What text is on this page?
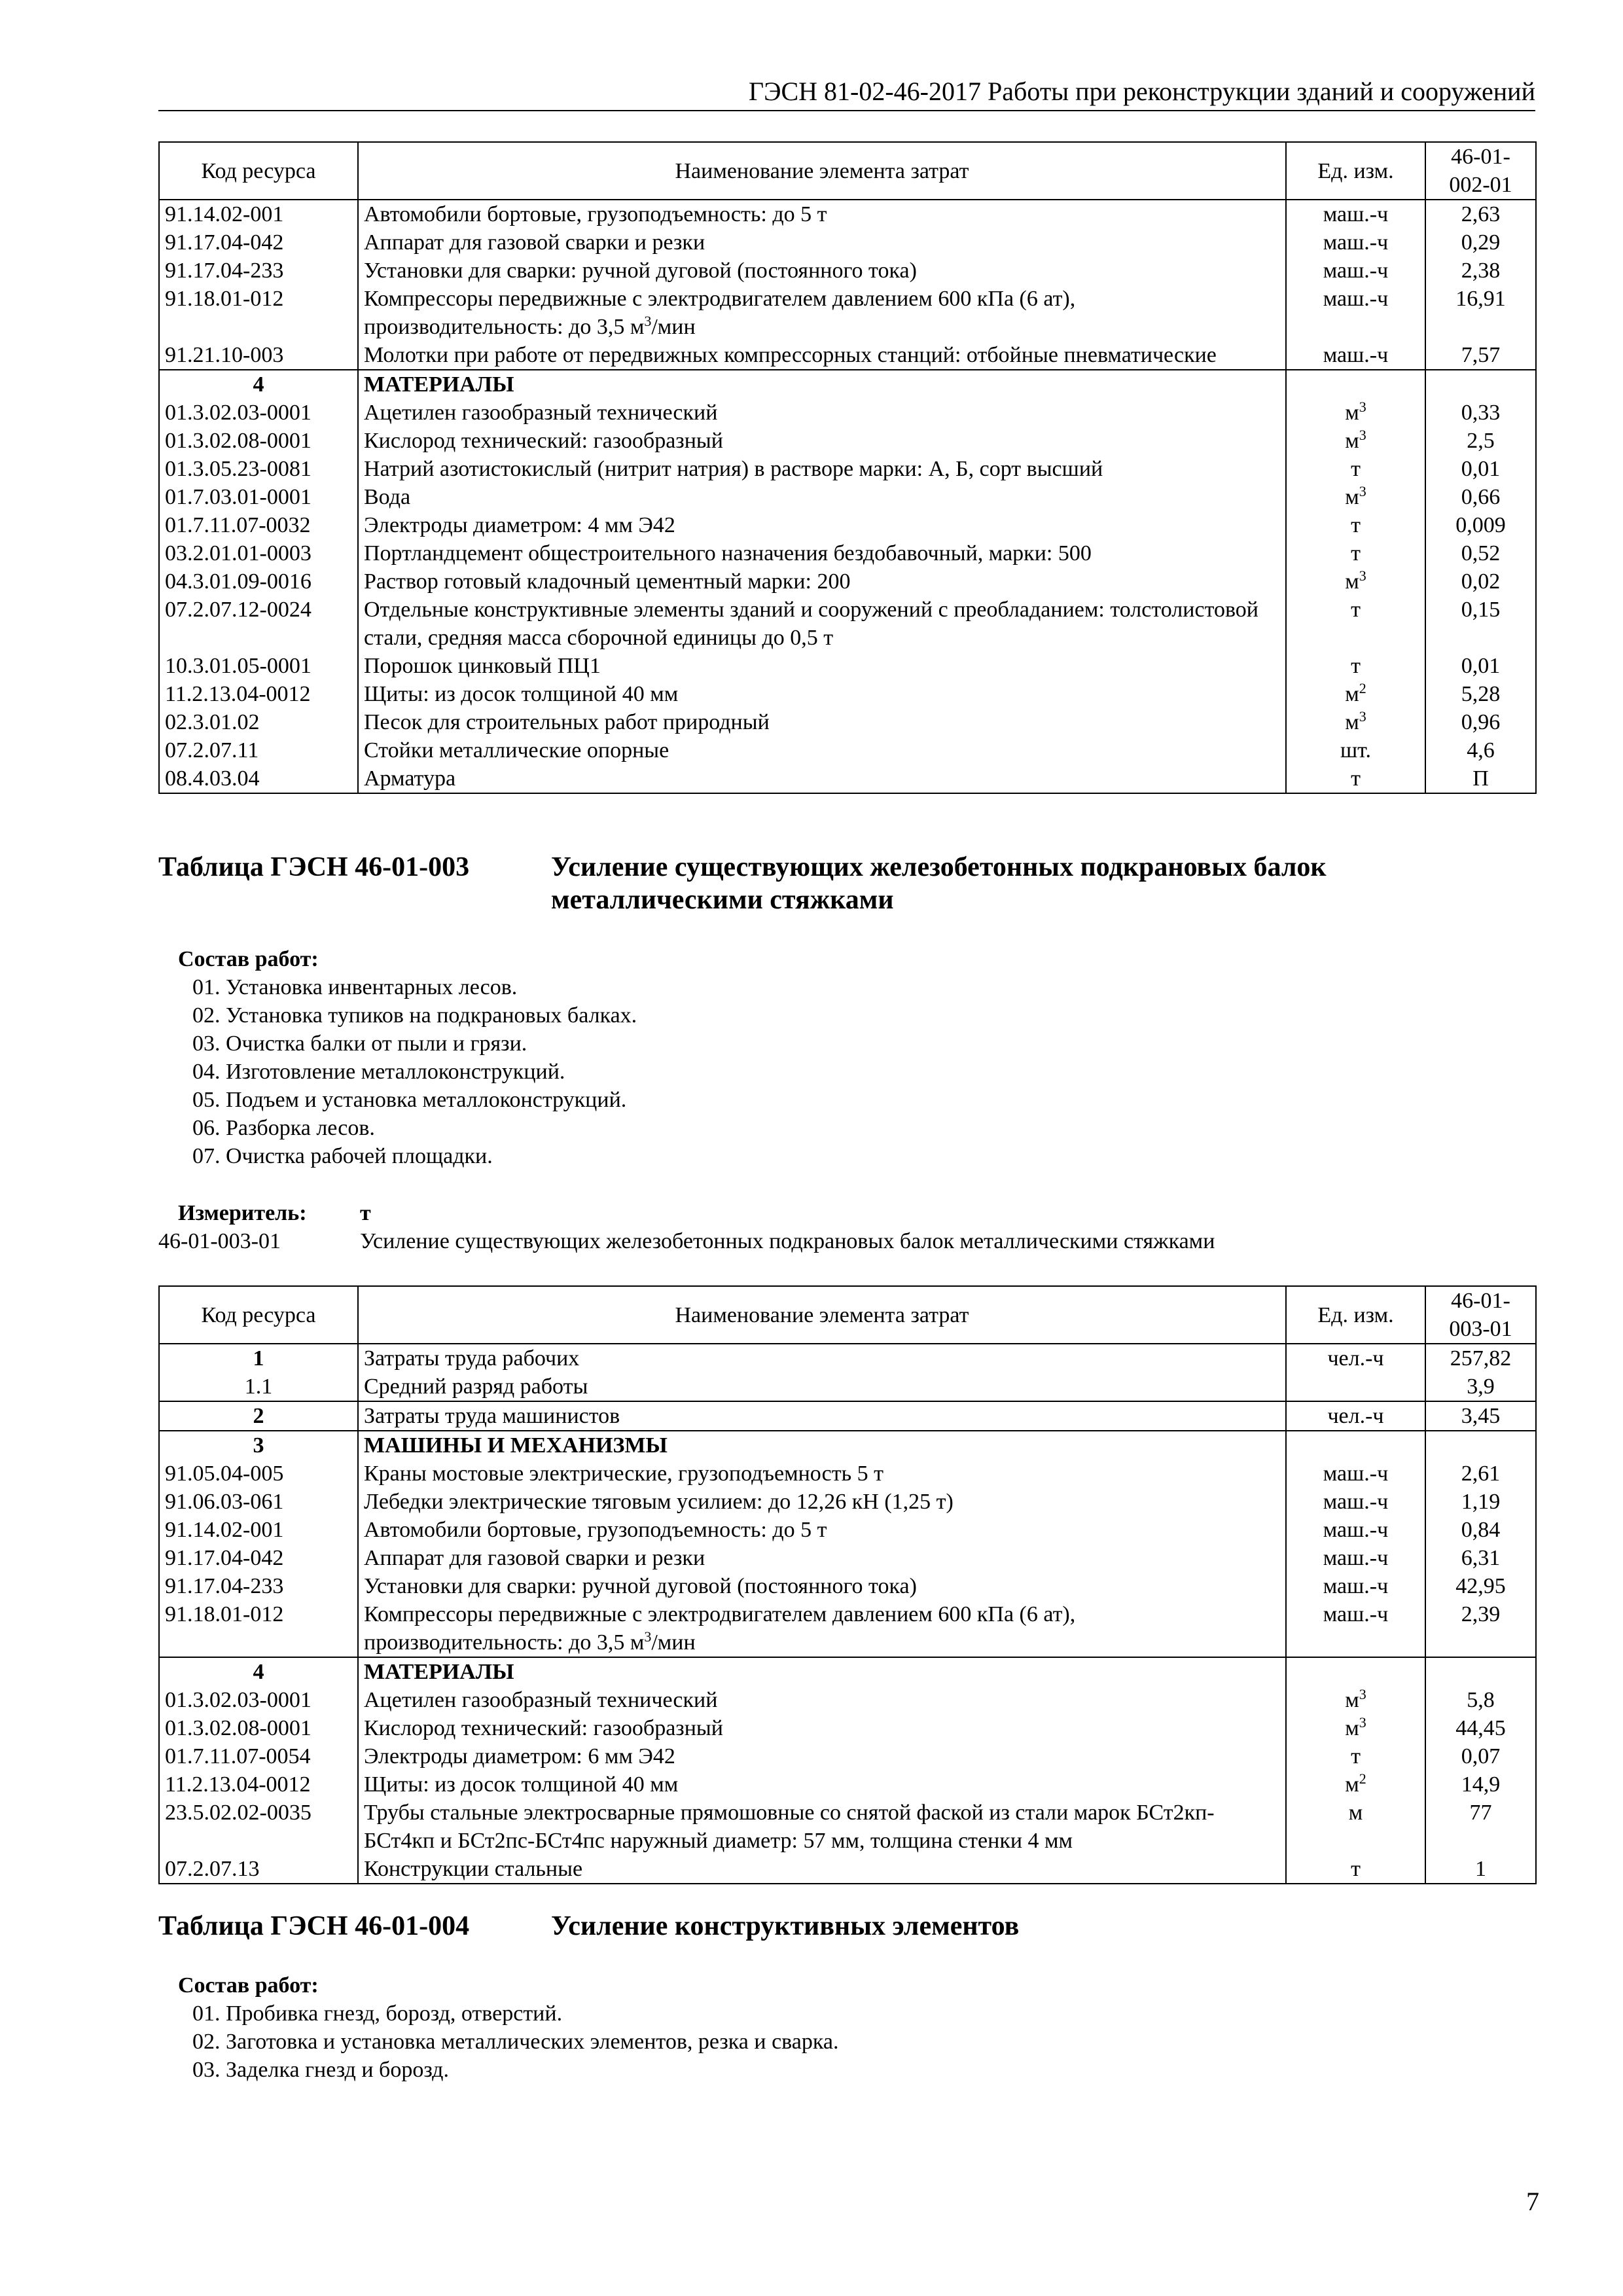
ГЭСН 81-02-46-2017 Работы при реконструкции зданий и сооружений
Код ресурса	Наименование элемента затрат	Ед. изм.	46-01-002-01
91.14.02-001	Автомобили бортовые, грузоподъемность: до 5 т	маш.-ч	2,63
91.17.04-042	Аппарат для газовой сварки и резки	маш.-ч	0,29
91.17.04-233	Установки для сварки: ручной дуговой (постоянного тока)	маш.-ч	2,38
91.18.01-012	Компрессоры передвижные с электродвигателем давлением 600 кПа (6 ат), производительность: до 3,5 $м^3$/мин	маш.-ч	16,91
91.21.10-003	Молотки при работе от передвижных компрессорных станций: отбойные пневматические	маш.-ч	7,57
4	МАТЕРИАЛЫ		
01.3.02.03-0001	Ацетилен газообразный технический	$м^3$	0,33
01.3.02.08-0001	Кислород технический: газообразный	$м^3$	2,5
01.3.05.23-0081	Натрий азотистокислый (нитрит натрия) в растворе марки: А, Б, сорт высший	т	0,01
01.7.03.01-0001	Вода	$м^3$	0,66
01.7.11.07-0032	Электроды диаметром: 4 мм Э42	т	0,009
03.2.01.01-0003	Портландцемент общестроительного назначения бездобавочный, марки: 500	т	0,52
04.3.01.09-0016	Раствор готовый кладочный цементный марки: 200	$м^3$	0,02
07.2.07.12-0024	Отдельные конструктивные элементы зданий и сооружений с преобладанием: толстолистовой стали, средняя масса сборочной единицы до 0,5 т	т	0,15
10.3.01.05-0001	Порошок цинковый ПЦ1	т	0,01
11.2.13.04-0012	Щиты: из досок толщиной 40 мм	$м^2$	5,28
02.3.01.02	Песок для строительных работ природный	$м^3$	0,96
07.2.07.11	Стойки металлические опорные	шт.	4,6
08.4.03.04	Арматура	т	П
Таблица ГЭСН 46-01-003	Усиление существующих железобетонных подкрановых балок металлическими стяжками
Состав работ:
01. Установка инвентарных лесов.
02. Установка тупиков на подкрановых балках.
03. Очистка балки от пыли и грязи.
04. Изготовление металлоконструкций.
05. Подъем и установка металлоконструкций.
06. Разборка лесов.
07. Очистка рабочей площадки.
Измеритель: т
46-01-003-01	Усиление существующих железобетонных подкрановых балок металлическими стяжками
Код ресурса	Наименование элемента затрат	Ед. изм.	46-01-003-01
1	Затраты труда рабочих	чел.-ч	257,82
1.1	Средний разряд работы		3,9
2	Затраты труда машинистов	чел.-ч	3,45
3	МАШИНЫ И МЕХАНИЗМЫ		
91.05.04-005	Краны мостовые электрические, грузоподъемность 5 т	маш.-ч	2,61
91.06.03-061	Лебедки электрические тяговым усилием: до 12,26 кН (1,25 т)	маш.-ч	1,19
91.14.02-001	Автомобили бортовые, грузоподъемность: до 5 т	маш.-ч	0,84
91.17.04-042	Аппарат для газовой сварки и резки	маш.-ч	6,31
91.17.04-233	Установки для сварки: ручной дуговой (постоянного тока)	маш.-ч	42,95
91.18.01-012	Компрессоры передвижные с электродвигателем давлением 600 кПа (6 ат), производительность: до 3,5 $м^3$/мин	маш.-ч	2,39
4	МАТЕРИАЛЫ		
01.3.02.03-0001	Ацетилен газообразный технический	$м^3$	5,8
01.3.02.08-0001	Кислород технический: газообразный	$м^3$	44,45
01.7.11.07-0054	Электроды диаметром: 6 мм Э42	т	0,07
11.2.13.04-0012	Щиты: из досок толщиной 40 мм	$м^2$	14,9
23.5.02.02-0035	Трубы стальные электросварные прямошовные со снятой фаской из стали марок БСт2кп-БСт4кп и БСт2пс-БСт4пс наружный диаметр: 57 мм, толщина стенки 4 мм	м	77
07.2.07.13	Конструкции стальные	т	1
Таблица ГЭСН 46-01-004	Усиление конструктивных элементов
Состав работ:
01. Пробивка гнезд, борозд, отверстий.
02. Заготовка и установка металлических элементов, резка и сварка.
03. Заделка гнезд и борозд.
7
